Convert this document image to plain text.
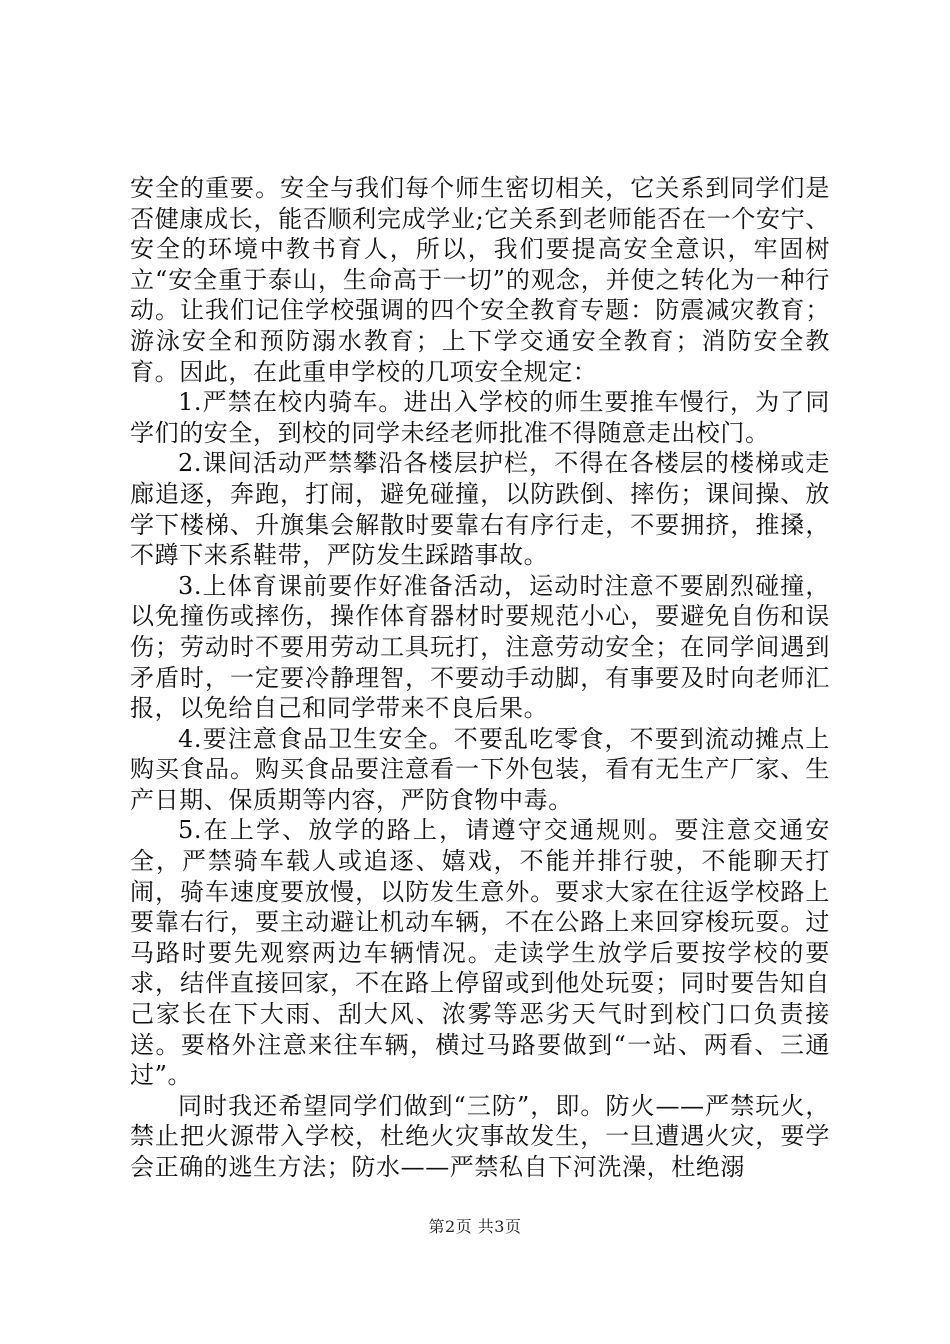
安全的重要。安全与我们每个师生密切相关，它关系到同学们是否健康成长，能否顺利完成学业;它关系到老师能否在一个安宁、安全的环境中教书育人，所以，我们要提高安全意识，牢固树立“安全重于泰山，生命高于一切”的观念，并使之转化为一种行动。让我们记住学校强调的四个安全教育专题：防震减灾教育；游泳安全和预防溺水教育；上下学交通安全教育；消防安全教育。因此，在此重申学校的几项安全规定：

1.严禁在校内骑车。进出入学校的师生要推车慢行，为了同学们的安全，到校的同学未经老师批准不得随意走出校门。

2.课间活动严禁攀沿各楼层护栏，不得在各楼层的楼梯或走廊追逐，奔跑，打闹，避免碰撞，以防跌倒、摔伤；课间操、放学下楼梯、升旗集会解散时要靠右有序行走，不要拥挤，推搡，不蹲下来系鞋带，严防发生踩踏事故。

3.上体育课前要作好准备活动，运动时注意不要剧烈碰撞，以免撞伤或摔伤，操作体育器材时要规范小心，要避免自伤和误伤；劳动时不要用劳动工具玩打，注意劳动安全；在同学间遇到矛盾时，一定要冷静理智，不要动手动脚，有事要及时向老师汇报，以免给自己和同学带来不良后果。

4.要注意食品卫生安全。不要乱吃零食，不要到流动摊点上购买食品。购买食品要注意看一下外包装，看有无生产厂家、生产日期、保质期等内容，严防食物中毒。

5.在上学、放学的路上，请遵守交通规则。要注意交通安全，严禁骑车载人或追逐、嬉戏，不能并排行驶，不能聊天打闹，骑车速度要放慢，以防发生意外。要求大家在往返学校路上要靠右行，要主动避让机动车辆，不在公路上来回穿梭玩耍。过马路时要先观察两边车辆情况。走读学生放学后要按学校的要求，结伴直接回家，不在路上停留或到他处玩耍；同时要告知自己家长在下大雨、刮大风、浓雾等恶劣天气时到校门口负责接送。要格外注意来往车辆，横过马路要做到“一站、两看、三通过”。

同时我还希望同学们做到“三防”，即。防火——严禁玩火，禁止把火源带入学校，杜绝火灾事故发生，一旦遭遇火灾，要学会正确的逃生方法；防水——严禁私自下河洗澡，杜绝溺

第2页 共3页
